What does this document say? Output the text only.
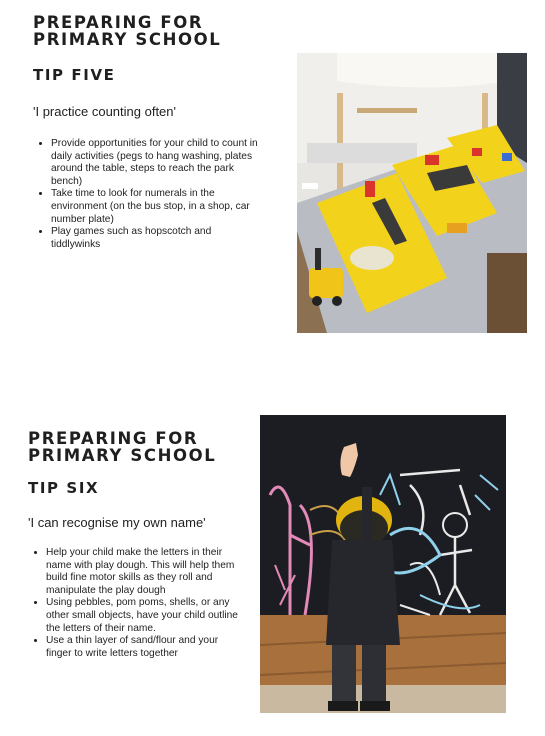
PREPARING FOR
PRIMARY SCHOOL
TIP FIVE

'I practice counting often'

• Provide opportunities for your child to count in daily activities (pegs to hang washing, plates around the table, steps to reach the park bench)
• Take time to look for numerals in the environment (on the bus stop, in a shop, car number plate)
• Play games such as hopscotch and tiddlywinks
PREPARING FOR
PRIMARY SCHOOL
TIP SIX

'I can recognise my own name'

• Help your child make the letters in their name with play dough. This will help them build fine motor skills as they roll and manipulate the play dough
• Using pebbles, pom poms, shells, or any other small objects, have your child outline the letters of their name.
• Use a thin layer of sand/flour and your finger to write letters together
